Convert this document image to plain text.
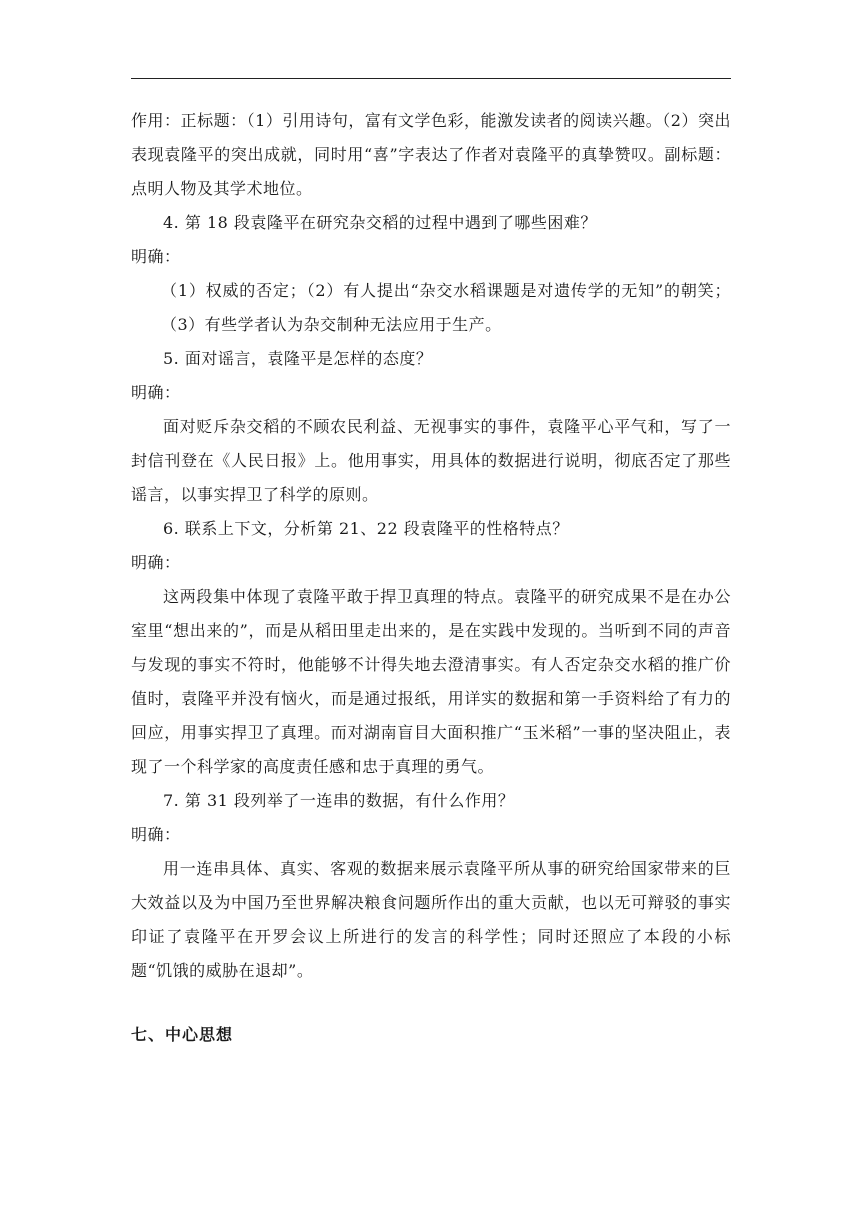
作用：正标题：（1）引用诗句，富有文学色彩，能激发读者的阅读兴趣。（2）突出表现袁隆平的突出成就，同时用“喜”字表达了作者对袁隆平的真挚赞叹。副标题：点明人物及其学术地位。

4. 第 18 段袁隆平在研究杂交稻的过程中遇到了哪些困难？

明确：

（1）权威的否定；（2）有人提出“杂交水稻课题是对遗传学的无知”的朝笑；（3）有些学者认为杂交制种无法应用于生产。

5. 面对谣言，袁隆平是怎样的态度？

明确：

面对贬斥杂交稻的不顾农民利益、无视事实的事件，袁隆平心平气和，写了一封信刊登在《人民日报》上。他用事实，用具体的数据进行说明，彻底否定了那些谣言，以事实捍卫了科学的原则。

6. 联系上下文，分析第 21、22 段袁隆平的性格特点？

明确：

这两段集中体现了袁隆平敢于捍卫真理的特点。袁隆平的研究成果不是在办公室里“想出来的”，而是从稻田里走出来的，是在实践中发现的。当听到不同的声音与发现的事实不符时，他能够不计得失地去澄清事实。有人否定杂交水稻的推广价值时，袁隆平并没有恼火，而是通过报纸，用详实的数据和第一手资料给了有力的回应，用事实捍卫了真理。而对湖南盲目大面积推广“玉米稻”一事的坚决阻止，表现了一个科学家的高度责任感和忠于真理的勇气。

7. 第 31 段列举了一连串的数据，有什么作用？

明确：

用一连串具体、真实、客观的数据来展示袁隆平所从事的研究给国家带来的巨大效益以及为中国乃至世界解决粮食问题所作出的重大贡献，也以无可辩驳的事实印证了袁隆平在开罗会议上所进行的发言的科学性；同时还照应了本段的小标题“饥饿的威胁在退却”。

七、中心思想
